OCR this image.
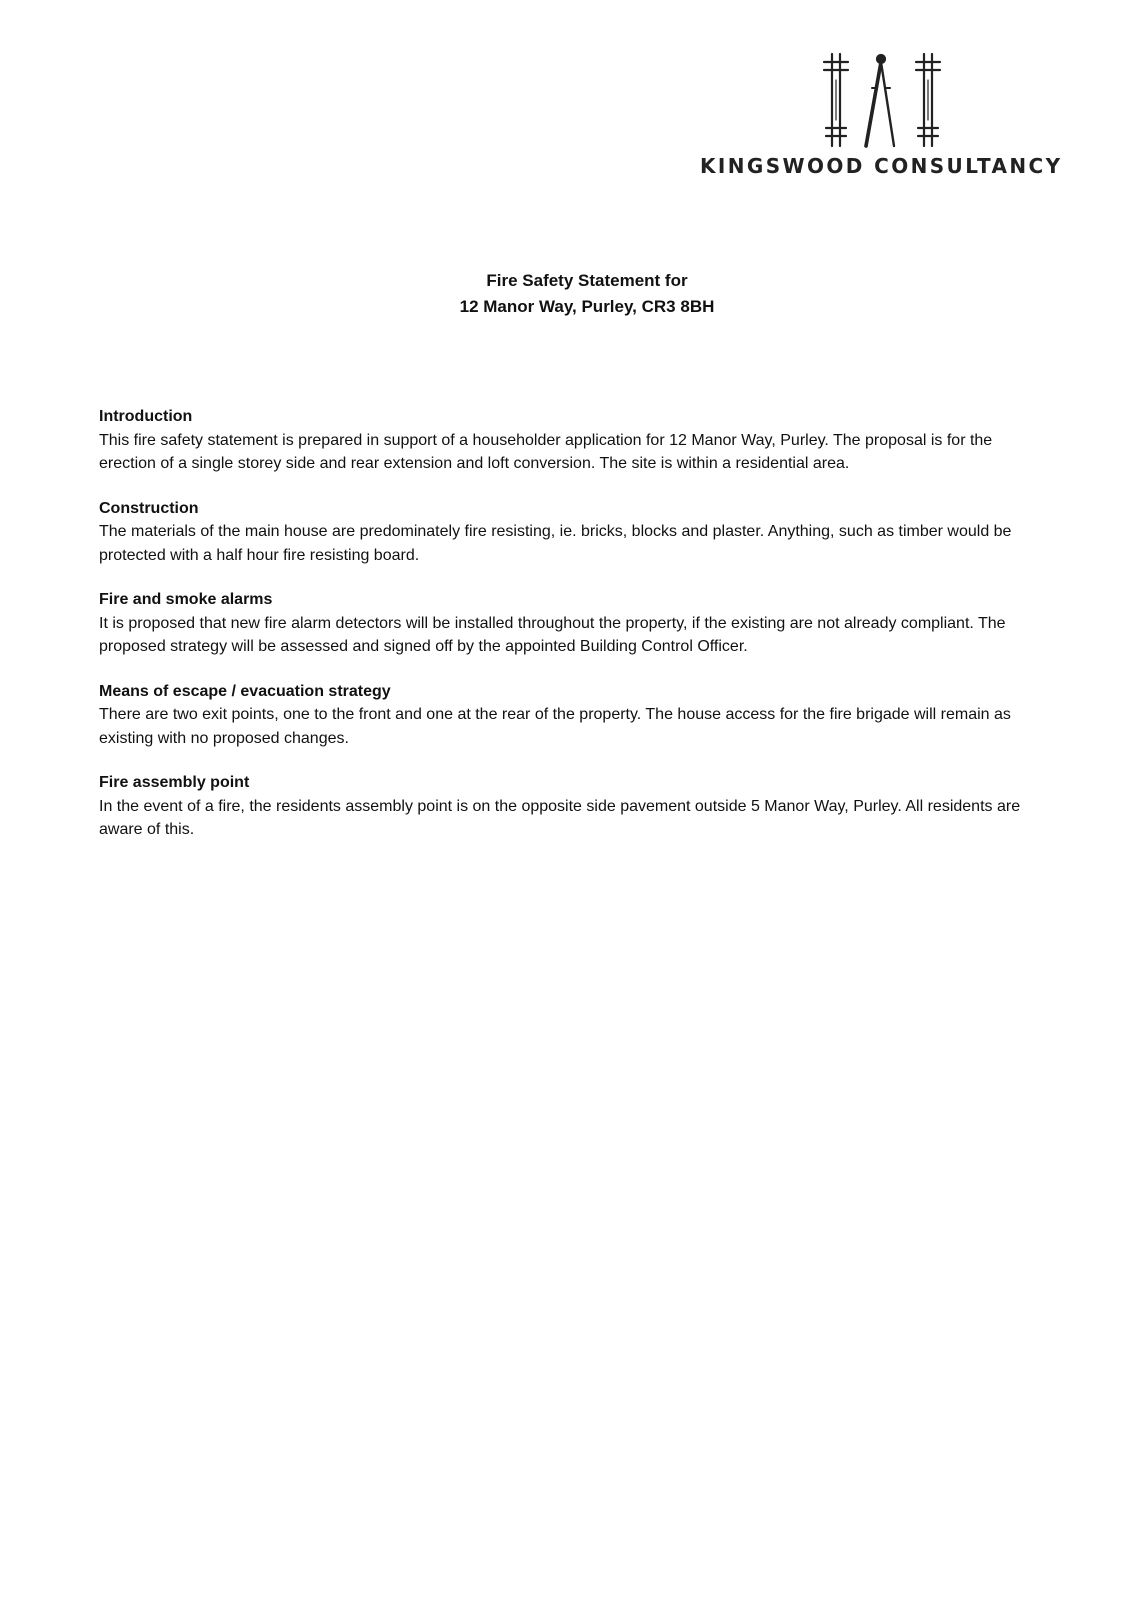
KINGSWOOD CONSULTANCY
Fire Safety Statement for
12 Manor Way, Purley, CR3 8BH
Introduction

This fire safety statement is prepared in support of a householder application for 12 Manor Way, Purley. The proposal is for the erection of a single storey side and rear extension and loft conversion. The site is within a residential area.

Construction

The materials of the main house are predominately fire resisting, ie. bricks, blocks and plaster. Anything, such as timber would be protected with a half hour fire resisting board.

Fire and smoke alarms

It is proposed that new fire alarm detectors will be installed throughout the property, if the existing are not already compliant. The proposed strategy will be assessed and signed off by the appointed Building Control Officer.

Means of escape / evacuation strategy

There are two exit points, one to the front and one at the rear of the property. The house access for the fire brigade will remain as existing with no proposed changes.

Fire assembly point

In the event of a fire, the residents assembly point is on the opposite side pavement outside 5 Manor Way, Purley. All residents are aware of this.
